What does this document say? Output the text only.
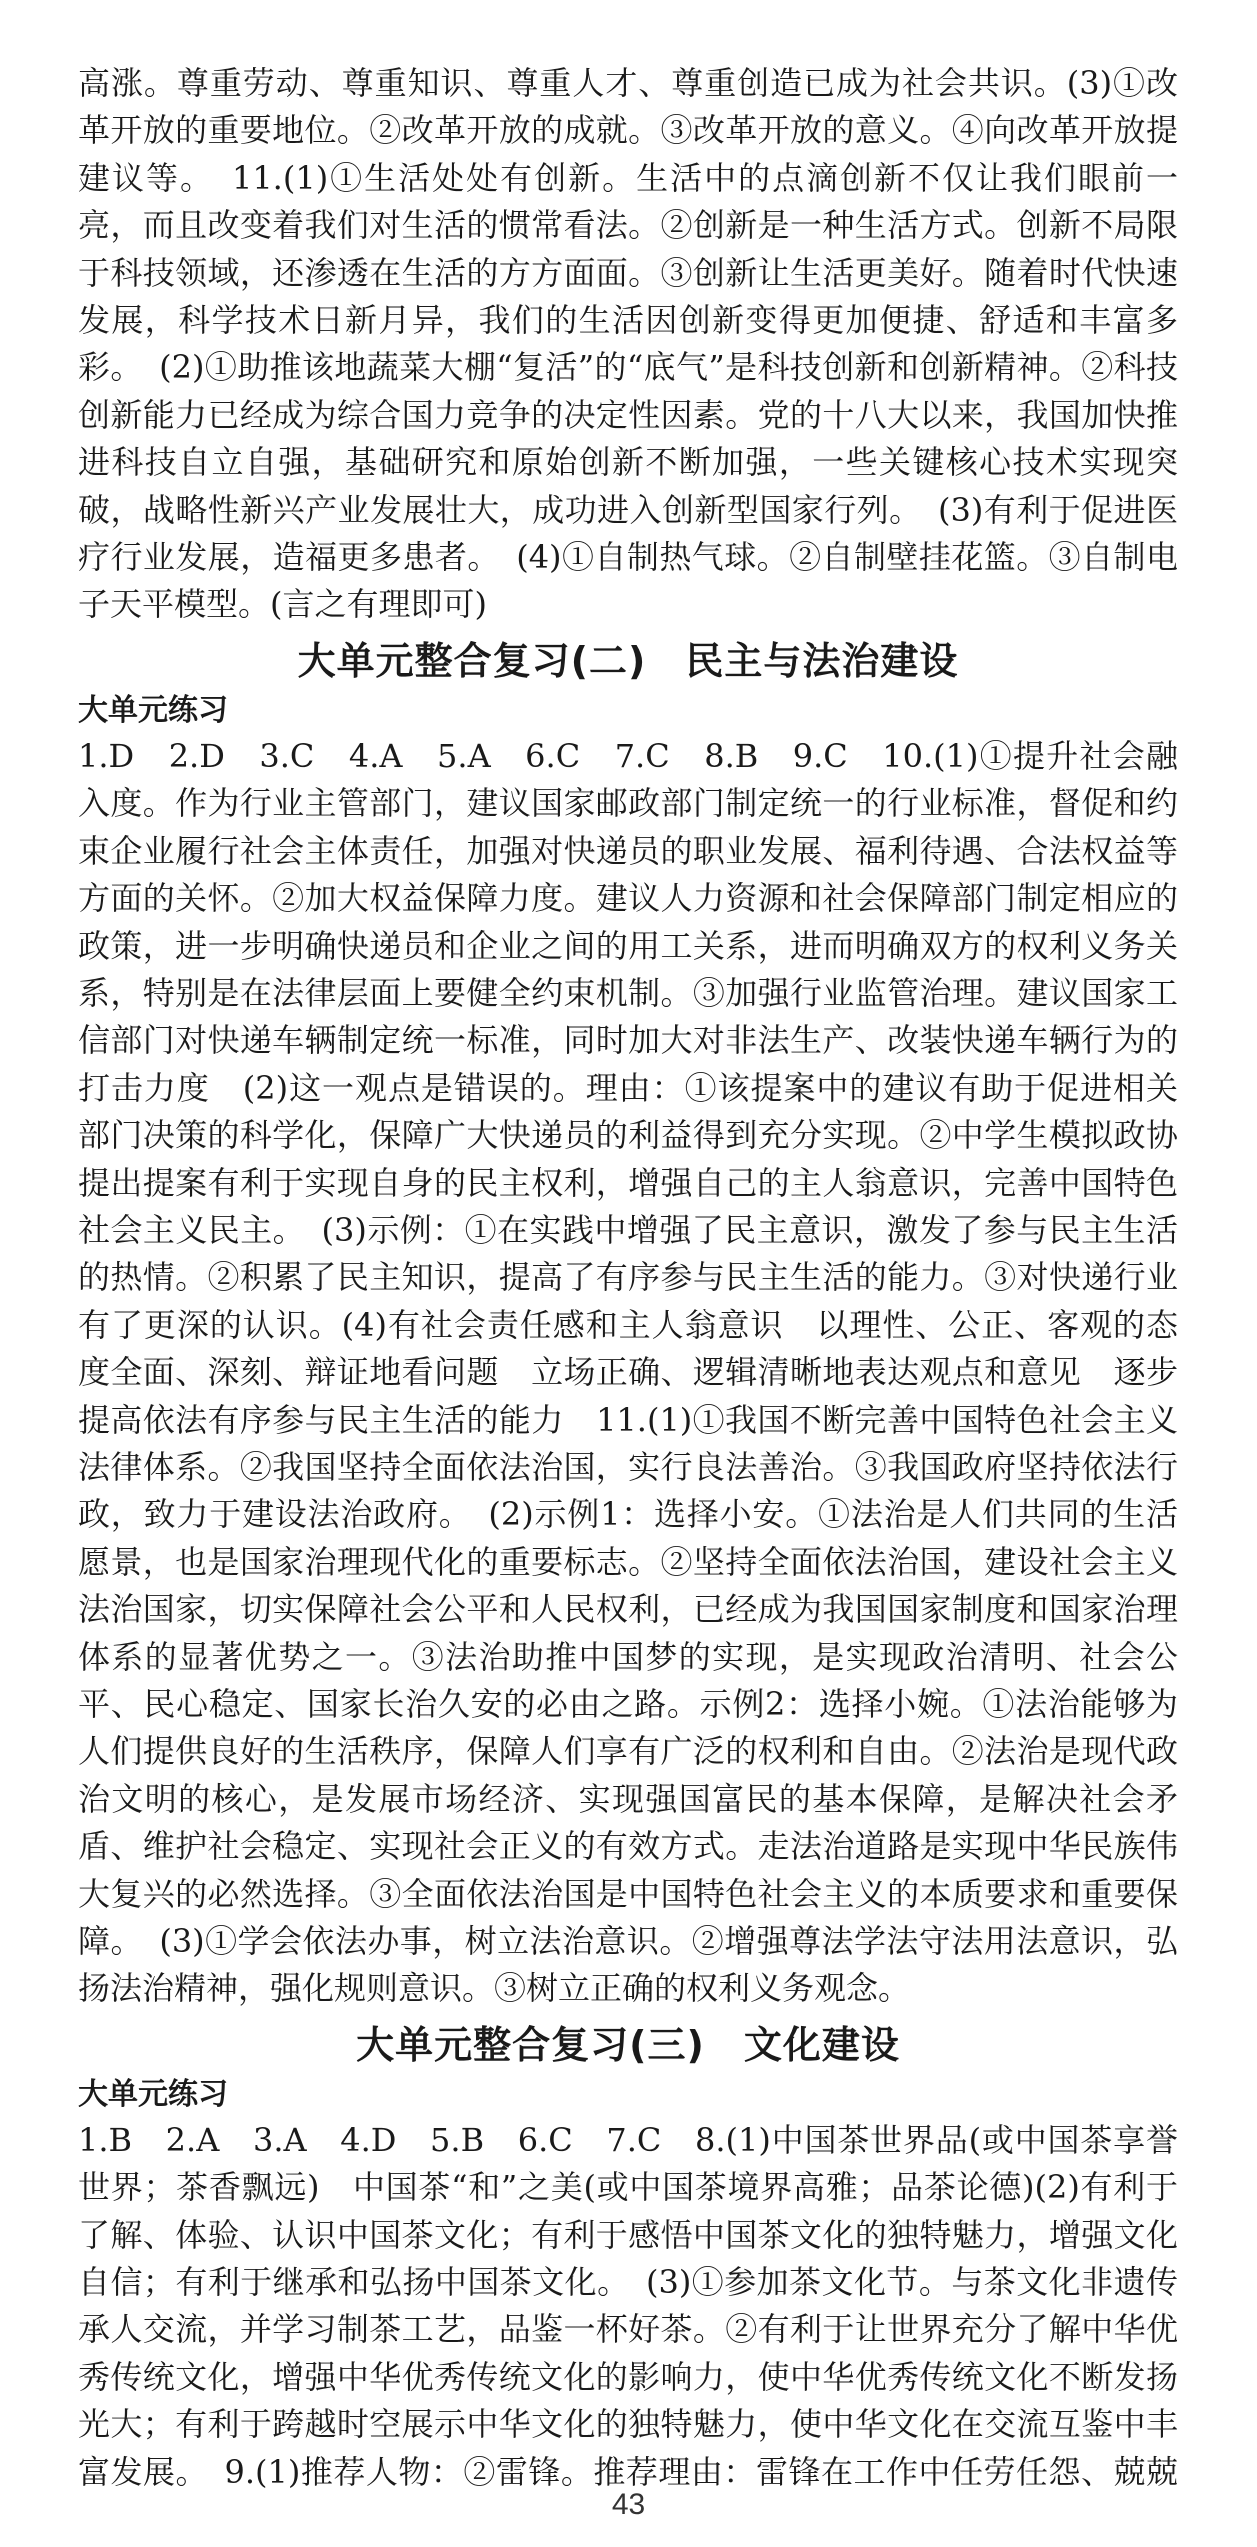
高涨。尊重劳动、尊重知识、尊重人才、尊重创造已成为社会共识。(3)①改革开放的重要地位。②改革开放的成就。③改革开放的意义。④向改革开放提建议等。　11.(1)①生活处处有创新。生活中的点滴创新不仅让我们眼前一亮，而且改变着我们对生活的惯常看法。②创新是一种生活方式。创新不局限于科技领域，还渗透在生活的方方面面。③创新让生活更美好。随着时代快速发展，科学技术日新月异，我们的生活因创新变得更加便捷、舒适和丰富多彩。　(2)①助推该地蔬菜大棚“复活”的“底气”是科技创新和创新精神。②科技创新能力已经成为综合国力竞争的决定性因素。党的十八大以来，我国加快推进科技自立自强，基础研究和原始创新不断加强，一些关键核心技术实现突破，战略性新兴产业发展壮大，成功进入创新型国家行列。　(3)有利于促进医疗行业发展，造福更多患者。　(4)①自制热气球。②自制壁挂花篮。③自制电子天平模型。(言之有理即可)

大单元整合复习(二)　民主与法治建设
大单元练习

1.D　2.D　3.C　4.A　5.A　6.C　7.C　8.B　9.C　10.(1)①提升社会融入度。作为行业主管部门，建议国家邮政部门制定统一的行业标准，督促和约束企业履行社会主体责任，加强对快递员的职业发展、福利待遇、合法权益等方面的关怀。②加大权益保障力度。建议人力资源和社会保障部门制定相应的政策，进一步明确快递员和企业之间的用工关系，进而明确双方的权利义务关系，特别是在法律层面上要健全约束机制。③加强行业监管治理。建议国家工信部门对快递车辆制定统一标准，同时加大对非法生产、改装快递车辆行为的打击力度　(2)这一观点是错误的。理由：①该提案中的建议有助于促进相关部门决策的科学化，保障广大快递员的利益得到充分实现。②中学生模拟政协提出提案有利于实现自身的民主权利，增强自己的主人翁意识，完善中国特色社会主义民主。　(3)示例：①在实践中增强了民主意识，激发了参与民主生活的热情。②积累了民主知识，提高了有序参与民主生活的能力。③对快递行业有了更深的认识。(4)有社会责任感和主人翁意识　以理性、公正、客观的态度全面、深刻、辩证地看问题　立场正确、逻辑清晰地表达观点和意见　逐步提高依法有序参与民主生活的能力　11.(1)①我国不断完善中国特色社会主义法律体系。②我国坚持全面依法治国，实行良法善治。③我国政府坚持依法行政，致力于建设法治政府。　(2)示例1：选择小安。①法治是人们共同的生活愿景，也是国家治理现代化的重要标志。②坚持全面依法治国，建设社会主义法治国家，切实保障社会公平和人民权利，已经成为我国国家制度和国家治理体系的显著优势之一。③法治助推中国梦的实现，是实现政治清明、社会公平、民心稳定、国家长治久安的必由之路。示例2：选择小婉。①法治能够为人们提供良好的生活秩序，保障人们享有广泛的权利和自由。②法治是现代政治文明的核心，是发展市场经济、实现强国富民的基本保障，是解决社会矛盾、维护社会稳定、实现社会正义的有效方式。走法治道路是实现中华民族伟大复兴的必然选择。③全面依法治国是中国特色社会主义的本质要求和重要保障。　(3)①学会依法办事，树立法治意识。②增强尊法学法守法用法意识，弘扬法治精神，强化规则意识。③树立正确的权利义务观念。

大单元整合复习(三)　文化建设
大单元练习

1.B　2.A　3.A　4.D　5.B　6.C　7.C　8.(1)中国茶世界品(或中国茶享誉世界；茶香飘远)　中国茶“和”之美(或中国茶境界高雅；品茶论德)(2)有利于了解、体验、认识中国茶文化；有利于感悟中国茶文化的独特魅力，增强文化自信；有利于继承和弘扬中国茶文化。　(3)①参加茶文化节。与茶文化非遗传承人交流，并学习制茶工艺，品鉴一杯好茶。②有利于让世界充分了解中华优秀传统文化，增强中华优秀传统文化的影响力，使中华优秀传统文化不断发扬光大；有利于跨越时空展示中华文化的独特魅力，使中华文化在交流互鉴中丰富发展。　9.(1)推荐人物：②雷锋。推荐理由：雷锋在工作中任劳任怨、兢兢

43
